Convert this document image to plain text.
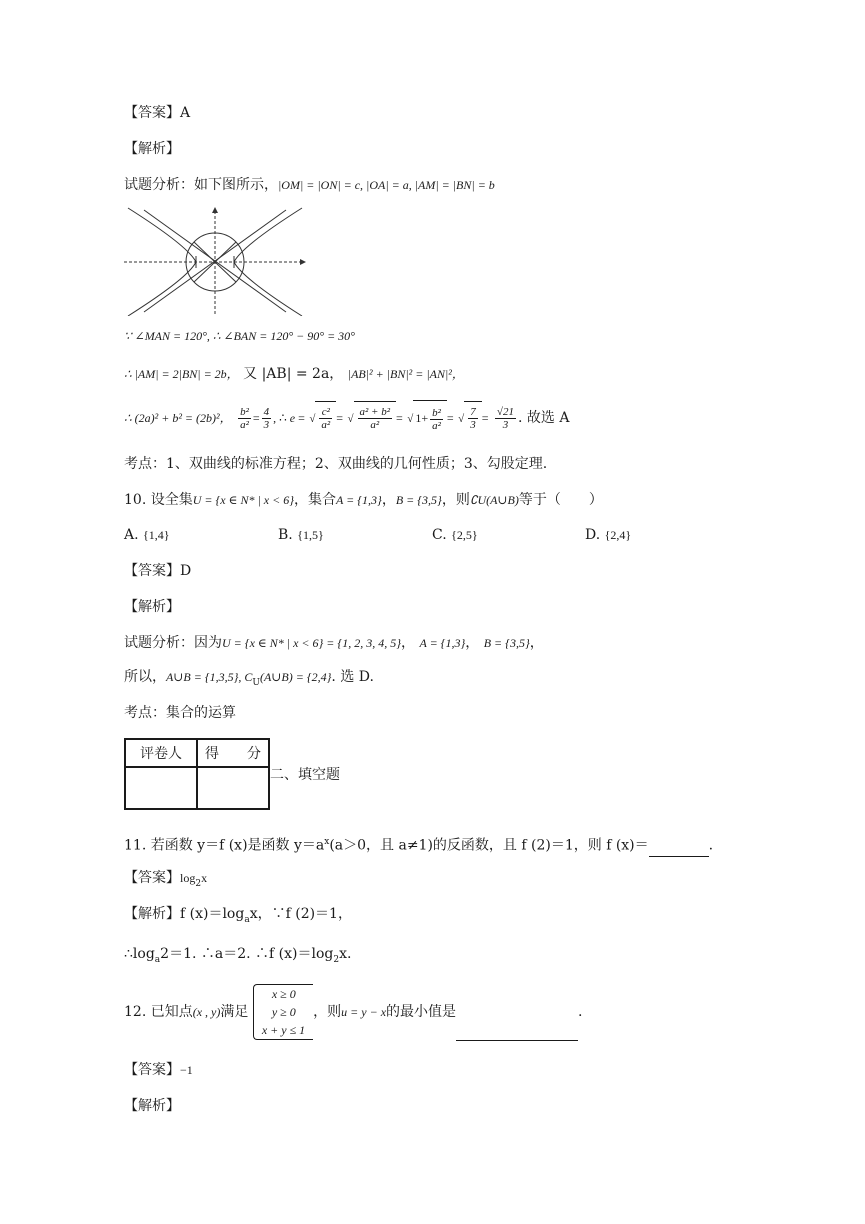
【答案】A
【解析】
试题分析：如下图所示，|OM| = |ON| = c, |OA| = a, |AM| = |BN| = b
∵ ∠MAN = 120°, ∴ ∠BAN = 120° − 90° = 30°
∴ |AM| = 2|BN| = 2b， 又 |AB| = 2a， |AB|² + |BN|² = |AN|²，
∴ (2a)² + b² = (2b)²， $\frac{\text{b²}}{\text{a²}} = \frac{4}{3}$ , ∴ e = √ $\frac{\text{c²}}{\text{a²}}$ = √ $\frac{\text{a² + b²}}{\text{a²}}$ = √ $1+ \frac{\text{b²}}{\text{a²}}$ = √ $\frac{7}{3} = \frac{√21}{3}$ . 故选 A
考点：1、双曲线的标准方程；2、双曲线的几何性质；3、勾股定理.
10. 设全集U = {x ∈ N* | x < 6}，集合A = {1,3}，B = {3,5}，则∁U(A∪B)等于（　　）
A. {1,4}	B. {1,5}	C. {2,5}	D. {2,4}
【答案】D
【解析】
试题分析：因为U = {x ∈ N* | x < 6} = {1, 2, 3, 4, 5}， A = {1,3}， B = {3,5}，
所以，A∪B = {1,3,5}, $C_U(A\cup B) = \{2,4\}$. 选 D.
考点：集合的运算
评卷人	得　　分

二、填空题
11. 若函数 y＝f (x)是函数 $y=a^x(a>0$，且 a≠1)的反函数，且 f (2)＝1，则 f (x)＝	.
【答案】$\log_2x$
【解析】f $(x)=\log_ax$，∵f (2)＝1，
$\therefore\log_a2=1$. ∴a＝2. ∴f $(x)=\log_2x$.
12. 已知点(x , y)满足
x ≥ 0
y ≥ 0
x + y ≤ 1
，则u = y − x的最小值是	.
【答案】−1
【解析】
